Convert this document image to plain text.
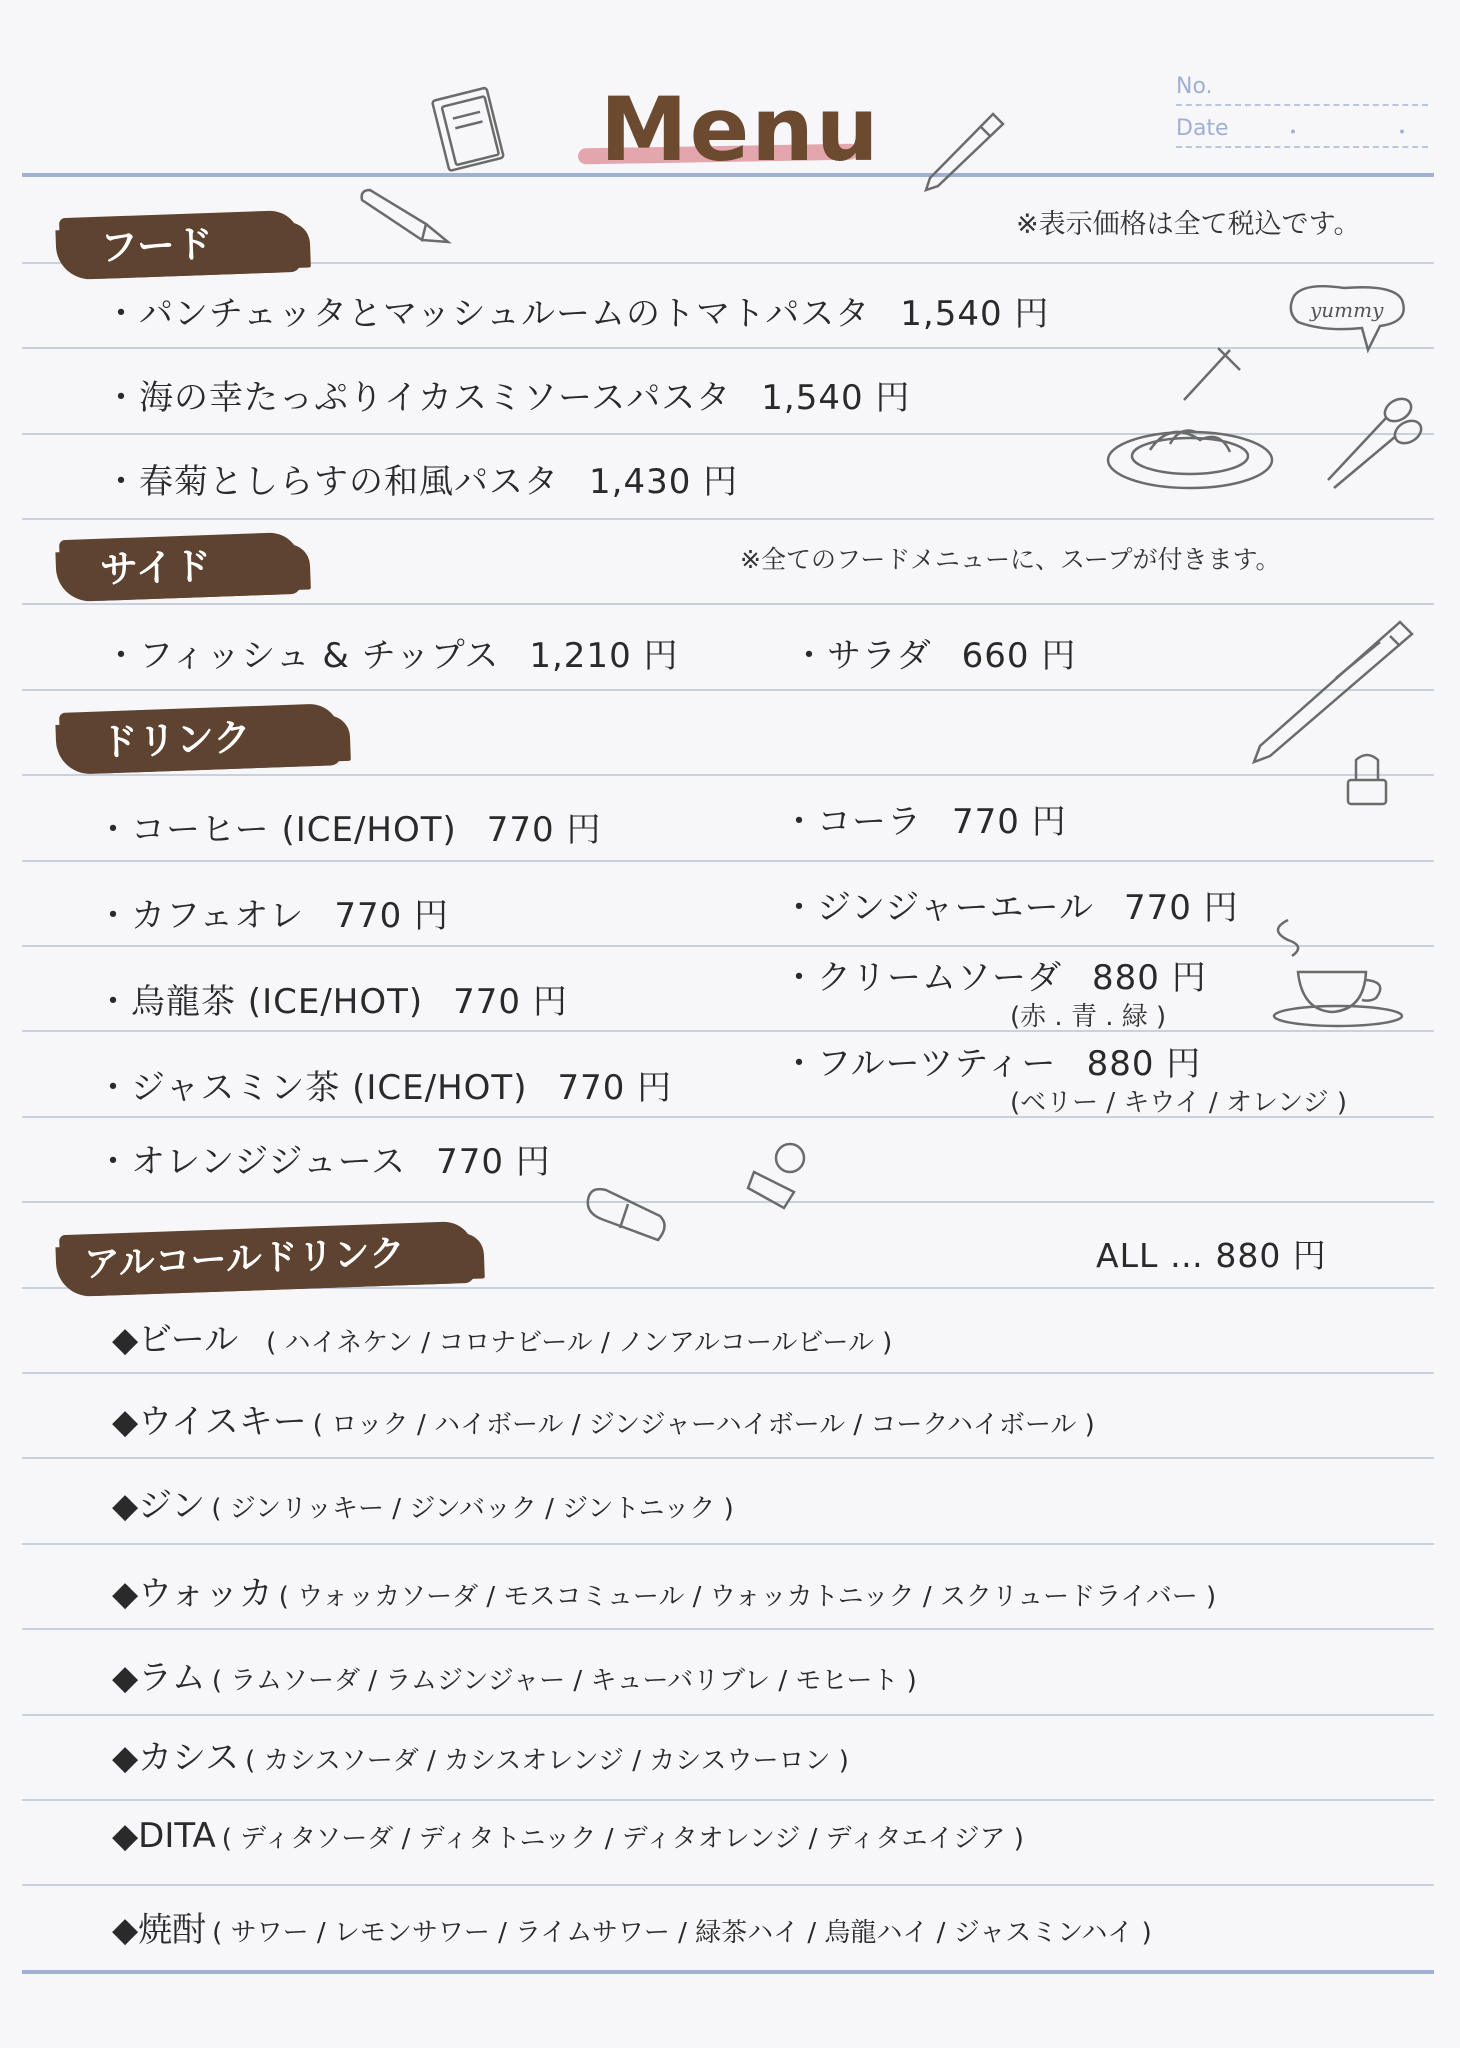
Menu	No.
Date ・ ・
yummy
フード	※表示価格は全て税込です。
・パンチェッタとマッシュルームのトマトパスタ 1,540 円
・海の幸たっぷりイカスミソースパスタ 1,540 円
・春菊としらすの和風パスタ 1,430 円
サイド	※全てのフードメニューに、スープが付きます。
・フィッシュ & チップス 1,210 円	・サラダ 660 円
ドリンク
・コーヒー (ICE/HOT) 770 円
・カフェオレ 770 円
・烏龍茶 (ICE/HOT) 770 円
・ジャスミン茶 (ICE/HOT) 770 円
・オレンジジュース 770 円
・コーラ 770 円
・ジンジャーエール 770 円
・クリームソーダ 880 円
(赤 . 青 . 緑 )
・フルーツティー 880 円
(ベリー / キウイ / オレンジ )
アルコールドリンク	ALL … 880 円
◆ビール ( ハイネケン / コロナビール / ノンアルコールビール )
◆ウイスキー ( ロック / ハイボール / ジンジャーハイボール / コークハイボール )
◆ジン ( ジンリッキー / ジンバック / ジントニック )
◆ウォッカ ( ウォッカソーダ / モスコミュール / ウォッカトニック / スクリュードライバー )
◆ラム ( ラムソーダ / ラムジンジャー / キューバリブレ / モヒート )
◆カシス ( カシスソーダ / カシスオレンジ / カシスウーロン )
◆DITA ( ディタソーダ / ディタトニック / ディタオレンジ / ディタエイジア )
◆焼酎 ( サワー / レモンサワー / ライムサワー / 緑茶ハイ / 烏龍ハイ / ジャスミンハイ )
